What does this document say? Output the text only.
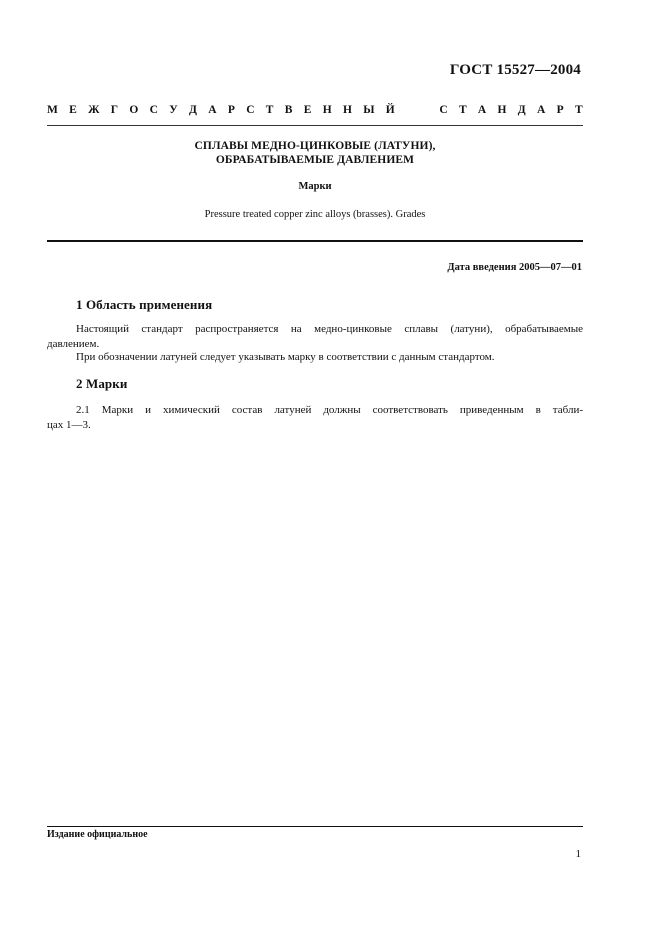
ГОСТ 15527—2004
М Е Ж Г О С У Д А Р С Т В Е Н Н Ы Й	С Т А Н Д А Р Т
СПЛАВЫ МЕДНО-ЦИНКОВЫЕ (ЛАТУНИ),
ОБРАБАТЫВАЕМЫЕ ДАВЛЕНИЕМ
Марки
Pressure treated copper zinc alloys (brasses). Grades
Дата введения 2005—07—01
1 Область применения
Настоящий стандарт распространяется на медно-цинковые сплавы (латуни), обрабатываемые
давлением.
При обозначении латуней следует указывать марку в соответствии с данным стандартом.
2 Марки
2.1 Марки и химический состав латуней должны соответствовать приведенным в табли-
цах 1—3.
Издание официальное
1
